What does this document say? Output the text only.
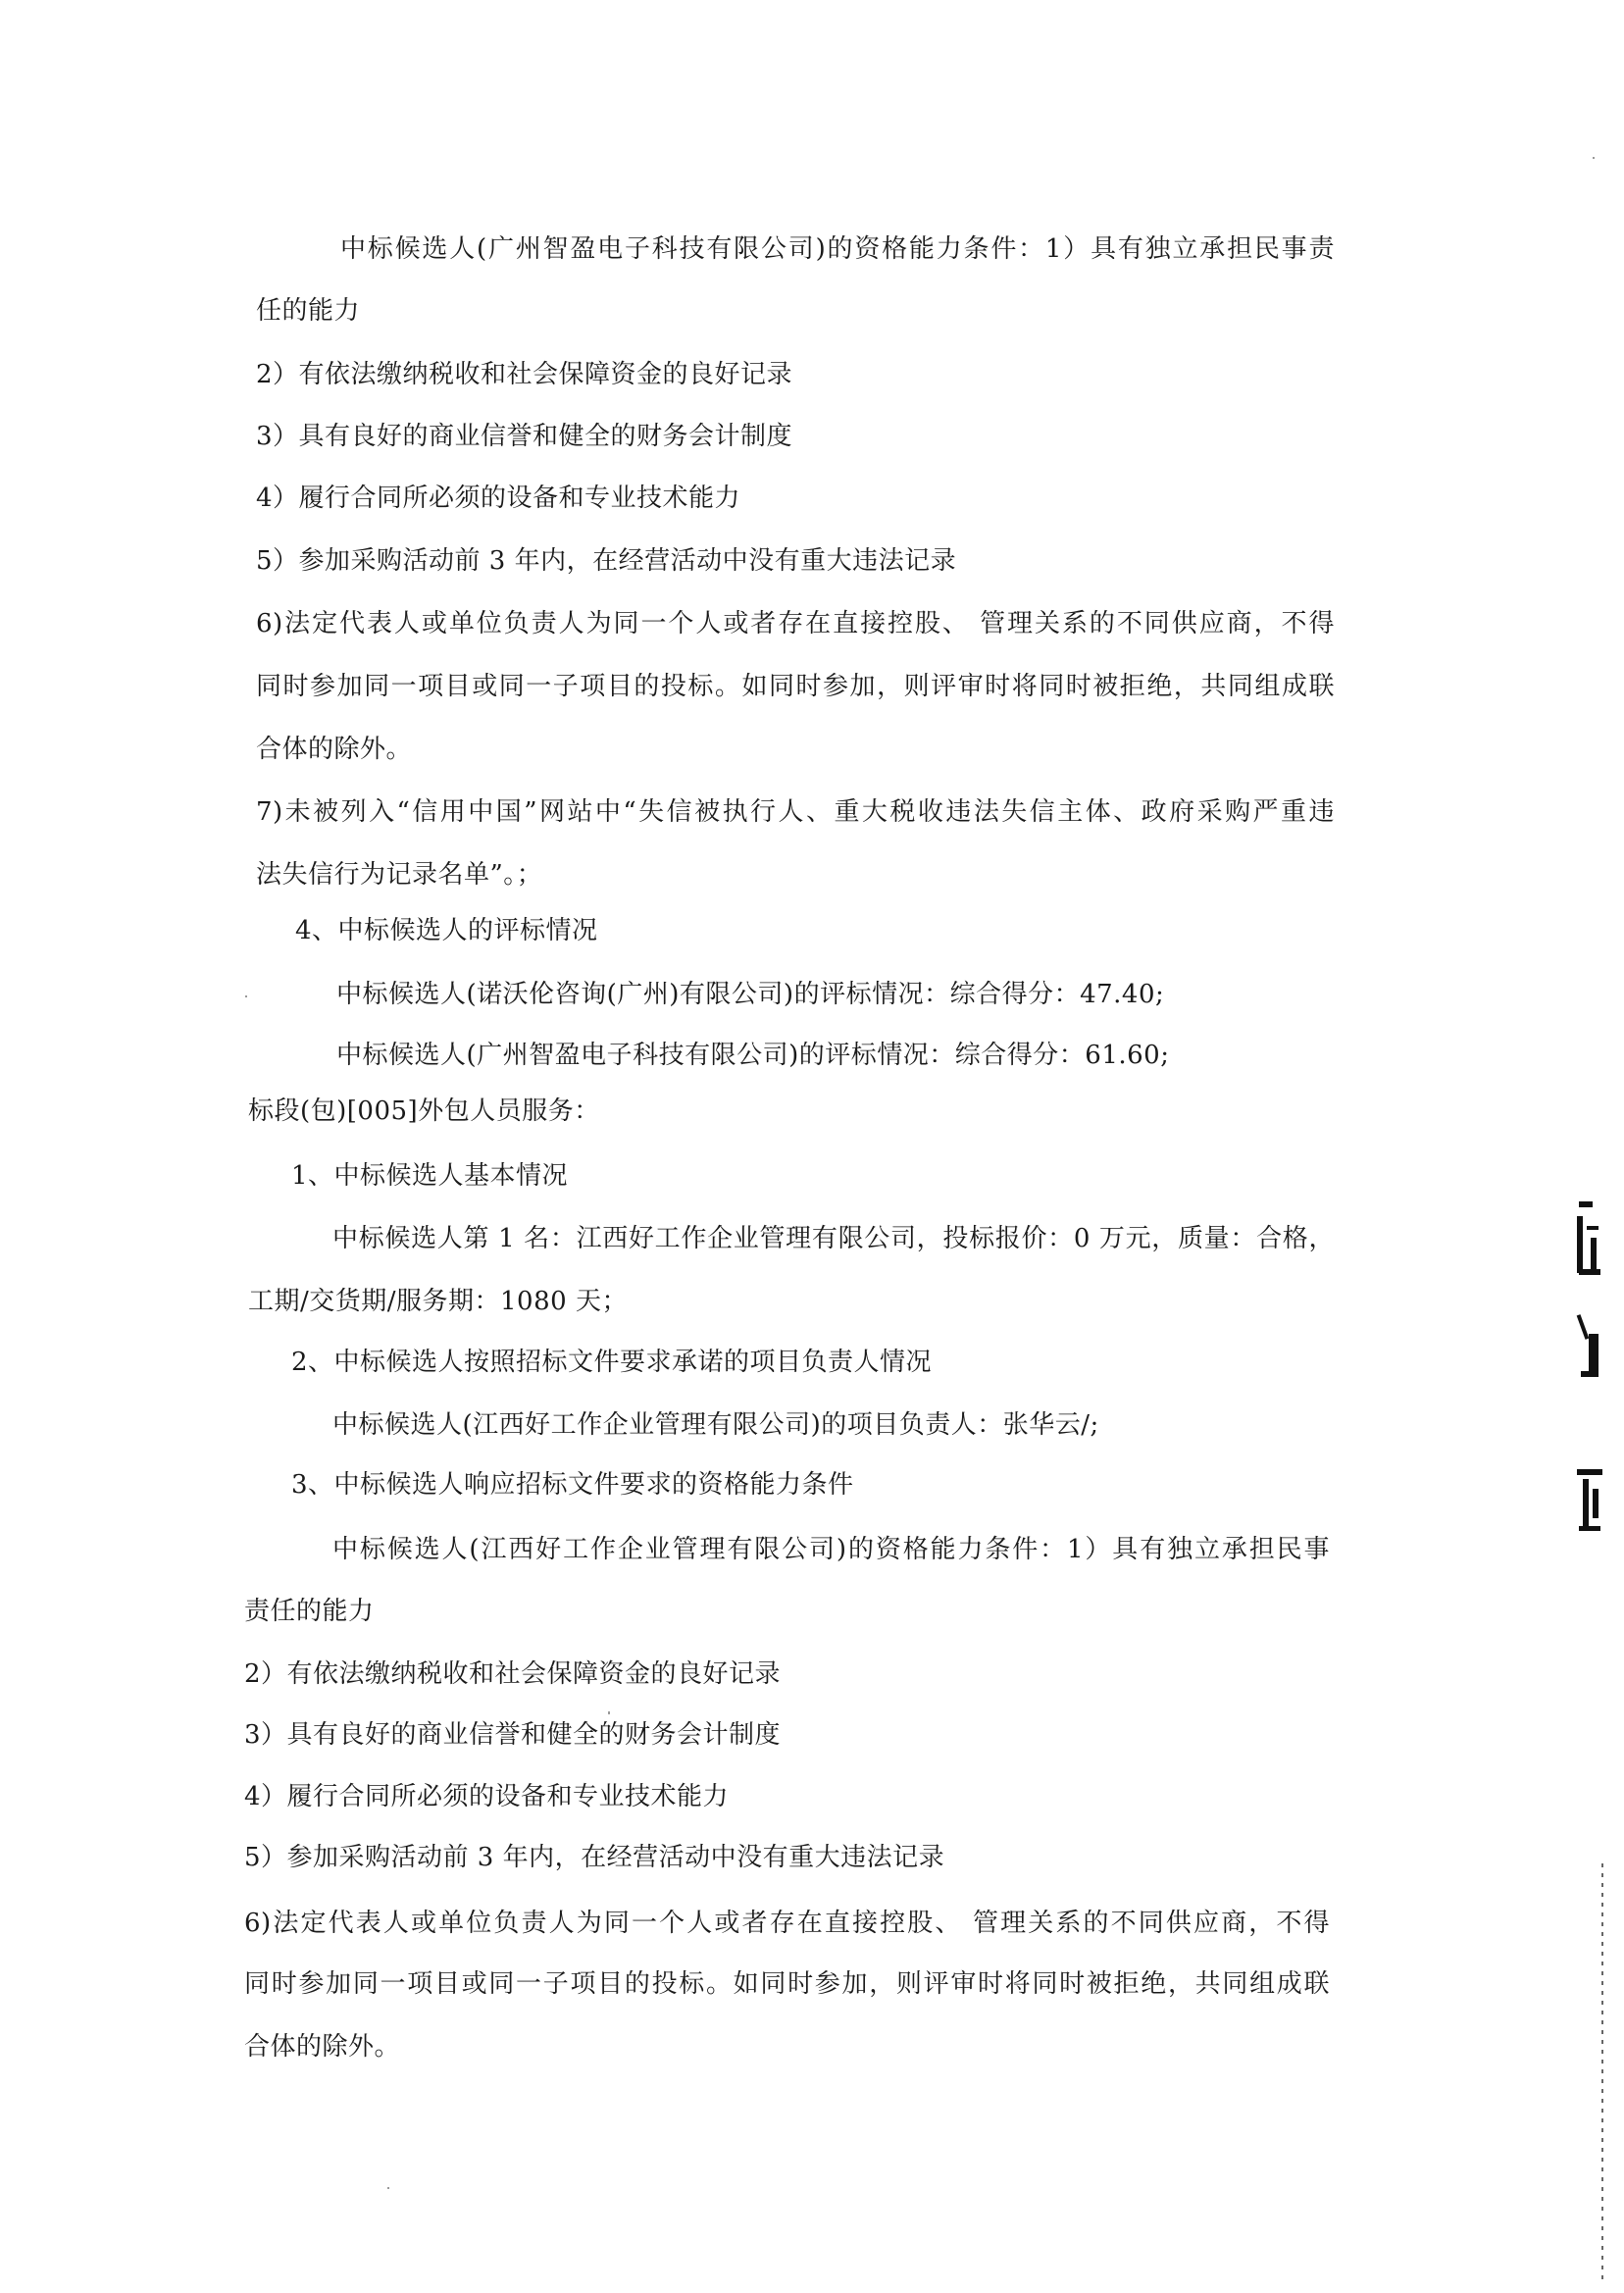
中标候选人(广州智盈电子科技有限公司)的资格能力条件：1）具有独立承担民事责
任的能力
2）有依法缴纳税收和社会保障资金的良好记录
3）具有良好的商业信誉和健全的财务会计制度
4）履行合同所必须的设备和专业技术能力
5）参加采购活动前 3 年内，在经营活动中没有重大违法记录
6)法定代表人或单位负责人为同一个人或者存在直接控股、 管理关系的不同供应商，不得
同时参加同一项目或同一子项目的投标。如同时参加，则评审时将同时被拒绝，共同组成联
合体的除外。
7)未被列入“信用中国”网站中“失信被执行人、重大税收违法失信主体、政府采购严重违
法失信行为记录名单”。；
4、中标候选人的评标情况
中标候选人(诺沃伦咨询(广州)有限公司)的评标情况：综合得分：47.40;
中标候选人(广州智盈电子科技有限公司)的评标情况：综合得分：61.60;
标段(包)[005]外包人员服务：
1、中标候选人基本情况
中标候选人第 1 名：江西好工作企业管理有限公司，投标报价：0 万元，质量：合格，
工期/交货期/服务期：1080 天；
2、中标候选人按照招标文件要求承诺的项目负责人情况
中标候选人(江西好工作企业管理有限公司)的项目负责人：张华云/;
3、中标候选人响应招标文件要求的资格能力条件
中标候选人(江西好工作企业管理有限公司)的资格能力条件：1）具有独立承担民事
责任的能力
2）有依法缴纳税收和社会保障资金的良好记录
3）具有良好的商业信誉和健全的财务会计制度
4）履行合同所必须的设备和专业技术能力
5）参加采购活动前 3 年内，在经营活动中没有重大违法记录
6)法定代表人或单位负责人为同一个人或者存在直接控股、 管理关系的不同供应商，不得
同时参加同一项目或同一子项目的投标。如同时参加，则评审时将同时被拒绝，共同组成联
合体的除外。
